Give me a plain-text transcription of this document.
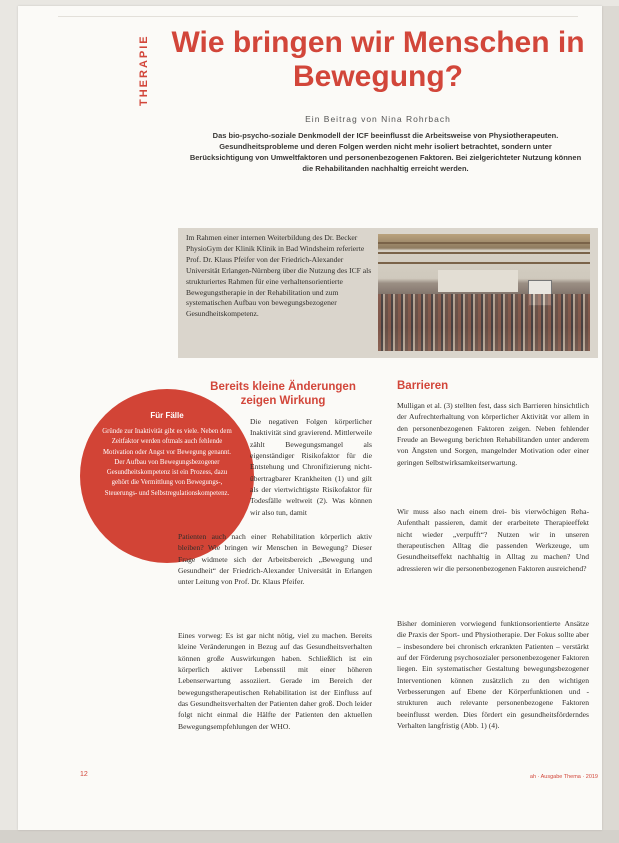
THERAPIE Wie bringen wir Menschen in Bewegung?
Ein Beitrag von Nina Rohrbach

Das bio-psycho-soziale Denkmodell der ICF beeinflusst die Arbeitsweise von Physiotherapeuten. Gesundheitsprobleme und deren Folgen werden nicht mehr isoliert betrachtet, sondern unter Berücksichtigung von Umweltfaktoren und personenbezogenen Faktoren. Bei zielgerichteter Nutzung können die Rehabilitanden nachhaltig erreicht werden.

Im Rahmen einer internen Weiterbildung des Dr. Becker PhysioGym der Klinik Klinik in Bad Windsheim referierte Prof. Dr. Klaus Pfeifer von der Friedrich-Alexander Universität Erlangen-Nürnberg über die Nutzung des ICF als strukturiertes Rahmen für eine verhaltensorientierte Bewegungstherapie in der Rehabilitation und zum systematischen Aufbau von bewegungsbezogener Gesundheitskompetenz.

Bereits kleine Änderungen zeigen Wirkung
Barrieren
Für Fälle
Gründe zur Inaktivität gibt es viele. Neben dem Zeitfaktor werden oftmals auch fehlende Motivation oder Angst vor Bewegung genannt. Der Aufbau von Bewegungsbezogener Gesundheitskompetenz ist ein Prozess, dazu gehört die Vermittlung von Bewegungs-, Steuerungs- und Selbstregulationskompetenz.

Die negativen Folgen körperlicher Inaktivität sind gravierend. Mittlerweile zählt Bewegungsmangel als eigenständiger Risikofaktor für die Entstehung und Chronifizierung nicht-übertragbarer Krankheiten (1) und gilt als der viertwichtigste Risikofaktor für Todesfälle weltweit (2). Was können wir also tun, damit

Patienten auch nach einer Rehabilitation körperlich aktiv bleiben? Wie bringen wir Menschen in Bewegung? Dieser Frage widmete sich der Arbeitsbereich „Bewegung und Gesundheit“ der Friedrich-Alexander Universität in Erlangen unter Leitung von Prof. Dr. Klaus Pfeifer.

Eines vorweg: Es ist gar nicht nötig, viel zu machen. Bereits kleine Veränderungen in Bezug auf das Gesundheitsverhalten können große Auswirkungen haben. Schließlich ist ein körperlich aktiver Lebensstil mit einer höheren Lebenserwartung assoziiert. Gerade im Bereich der bewegungstherapeutischen Rehabilitation ist der Einfluss auf das Gesundheitsverhalten der Patienten daher groß. Doch leider folgt nicht einmal die Hälfte der Patienten den aktuellen Bewegungsempfehlungen der WHO.

Mulligan et al. (3) stellten fest, dass sich Barrieren hinsichtlich der Aufrechterhaltung von körperlicher Aktivität vor allem in den personenbezogenen Faktoren zeigen. Neben fehlender Freude an Bewegung berichten Rehabilitanden unter anderem von Ängsten und Sorgen, mangelnder Motivation oder einer geringen Selbstwirksamkeitserwartung.

Wir muss also nach einem drei- bis vierwöchigen Reha-Aufenthalt passieren, damit der erarbeitete Therapieeffekt nicht wieder „verpufft“? Nutzen wir in unseren therapeutischen Alltag die passenden Werkzeuge, um Gesundheitseffekt nachhaltig in Alltag zu machen? Und adressieren wir die personenbezogenen Faktoren ausreichend?

Bisher dominieren vorwiegend funktionsorientierte Ansätze die Praxis der Sport- und Physiotherapie. Der Fokus sollte aber – insbesondere bei chronisch erkrankten Patienten – verstärkt auf der Förderung psychosozialer personenbezogener Faktoren liegen. Ein systematischer Gestaltung bewegungsbezogener Interventionen können zusätzlich zu den wichtigen Verbesserungen auf Ebene der Körperfunktionen und -strukturen auch relevante personenbezogene Faktoren beeinflusst werden. Dies fördert ein gesundheitsförderndes Verhalten langfristig (Abb. 1) (4).

12	ah · Ausgabe Thema · 2019
